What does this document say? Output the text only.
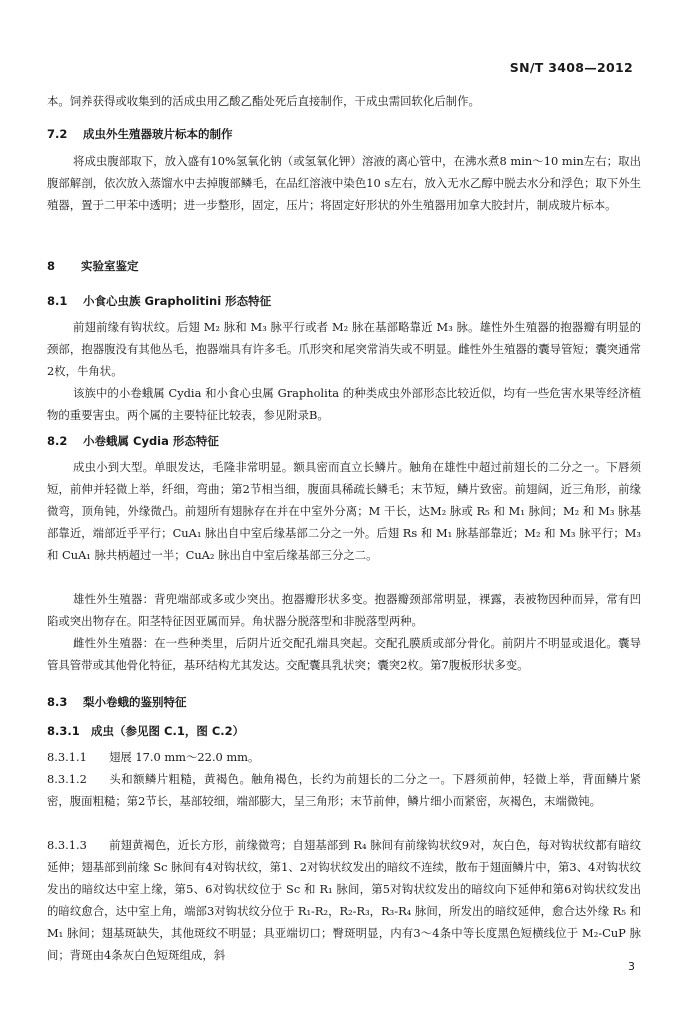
SN/T 3408—2012

本。饲养获得或收集到的活成虫用乙酸乙酯处死后直接制作，干成虫需回软化后制作。

7.2 成虫外生殖器玻片标本的制作

将成虫腹部取下，放入盛有10%氢氧化钠（或氢氧化钾）溶液的离心管中，在沸水煮8 min～10 min左右；取出腹部解剖，依次放入蒸馏水中去掉腹部鳞毛，在品红溶液中染色10 s左右，放入无水乙醇中脱去水分和浮色；取下外生殖器，置于二甲苯中透明；进一步整形，固定，压片；将固定好形状的外生殖器用加拿大胶封片，制成玻片标本。

8 实验室鉴定
8.1 小食心虫族 Grapholitini 形态特征

前翅前缘有钩状纹。后翅 M₂ 脉和 M₃ 脉平行或者 M₂ 脉在基部略靠近 M₃ 脉。雄性外生殖器的抱器瓣有明显的颈部，抱器腹没有其他丛毛，抱器端具有许多毛。爪形突和尾突常消失或不明显。雌性外生殖器的囊导管短；囊突通常2枚，牛角状。

该族中的小卷蛾属 Cydia 和小食心虫属 Grapholita 的种类成虫外部形态比较近似，均有一些危害水果等经济植物的重要害虫。两个属的主要特征比较表，参见附录B。

8.2 小卷蛾属 Cydia 形态特征

成虫小到大型。单眼发达，毛隆非常明显。额具密而直立长鳞片。触角在雄性中超过前翅长的二分之一。下唇须短，前伸并轻微上举，纤细，弯曲；第2节相当细，腹面具稀疏长鳞毛；末节短，鳞片致密。前翅阔，近三角形，前缘微弯，顶角钝，外缘微凸。前翅所有翅脉存在并在中室外分离；M 干长，达M₂ 脉或 R₅ 和 M₁ 脉间；M₂ 和 M₃ 脉基部靠近，端部近乎平行；CuA₁ 脉出自中室后缘基部二分之一外。后翅 Rs 和 M₁ 脉基部靠近；M₂ 和 M₃ 脉平行；M₃ 和 CuA₁ 脉共柄超过一半；CuA₂ 脉出自中室后缘基部三分之二。

雄性外生殖器：背兜端部或多或少突出。抱器瓣形状多变。抱器瓣颈部常明显，裸露，表被物因种而异，常有凹陷或突出物存在。阳茎特征因亚属而异。角状器分脱落型和非脱落型两种。

雌性外生殖器：在一些种类里，后阴片近交配孔端具突起。交配孔膜质或部分骨化。前阴片不明显或退化。囊导管具管带或其他骨化特征，基环结构尤其发达。交配囊具乳状突；囊突2枚。第7腹板形状多变。

8.3 梨小卷蛾的鉴别特征
8.3.1 成虫（参见图 C.1，图 C.2）

8.3.1.1 翅展 17.0 mm～22.0 mm。

8.3.1.2 头和额鳞片粗糙，黄褐色。触角褐色，长约为前翅长的二分之一。下唇须前伸，轻微上举，背面鳞片紧密，腹面粗糙；第2节长，基部较细，端部膨大，呈三角形；末节前伸，鳞片细小而紧密，灰褐色，末端微钝。

8.3.1.3 前翅黄褐色，近长方形，前缘微弯；自翅基部到 R₄ 脉间有前缘钩状纹9对，灰白色，每对钩状纹都有暗纹延伸；翅基部到前缘 Sc 脉间有4对钩状纹，第1、2对钩状纹发出的暗纹不连续，散布于翅面鳞片中，第3、4对钩状纹发出的暗纹达中室上缘，第5、6对钩状纹位于 Sc 和 R₁ 脉间，第5对钩状纹发出的暗纹向下延伸和第6对钩状纹发出的暗纹愈合，达中室上角，端部3对钩状纹分位于 R₁-R₂，R₂-R₃，R₃-R₄ 脉间，所发出的暗纹延伸，愈合达外缘 R₅ 和 M₁ 脉间；翅基斑缺失，其他斑纹不明显；具亚端切口；臀斑明显，内有3～4条中等长度黑色短横线位于 M₂-CuP 脉间；背斑由4条灰白色短斑组成，斜

3
